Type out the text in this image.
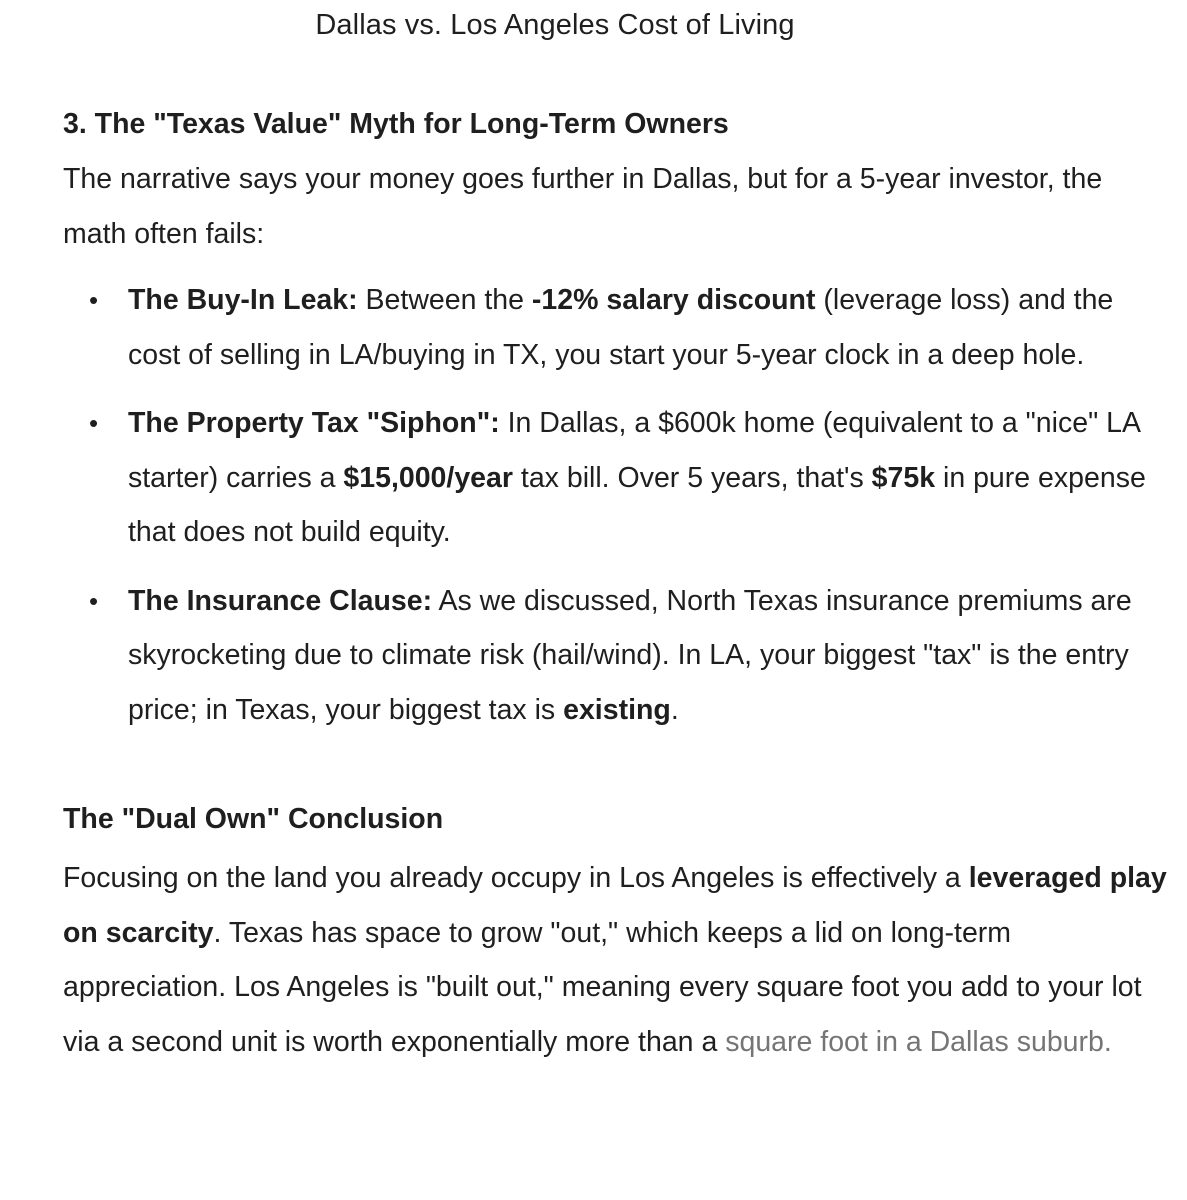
Dallas vs. Los Angeles Cost of Living
3. The "Texas Value" Myth for Long-Term Owners

The narrative says your money goes further in Dallas, but for a 5-year investor, the math often fails:

• The Buy-In Leak: Between the -12% salary discount (leverage loss) and the cost of selling in LA/buying in TX, you start your 5-year clock in a deep hole.
• The Property Tax "Siphon": In Dallas, a $600k home (equivalent to a "nice" LA starter) carries a $15,000/year tax bill. Over 5 years, that's $75k in pure expense that does not build equity.
• The Insurance Clause: As we discussed, North Texas insurance premiums are skyrocketing due to climate risk (hail/wind). In LA, your biggest "tax" is the entry price; in Texas, your biggest tax is existing.
The "Dual Own" Conclusion

Focusing on the land you already occupy in Los Angeles is effectively a leveraged play on scarcity. Texas has space to grow "out," which keeps a lid on long-term appreciation. Los Angeles is "built out," meaning every square foot you add to your lot via a second unit is worth exponentially more than a square foot in a Dallas suburb.
